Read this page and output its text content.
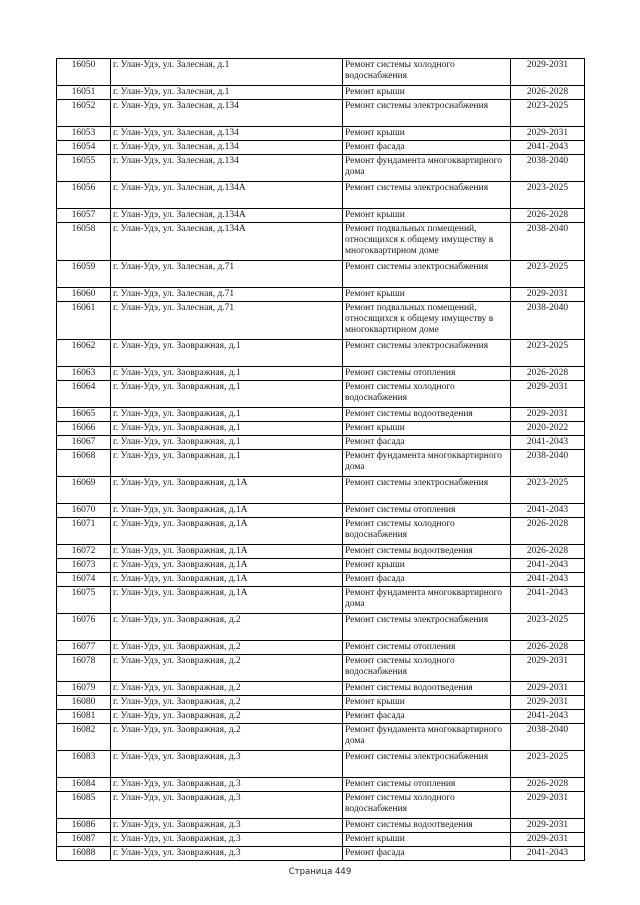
16050	г. Улан-Удэ, ул. Залесная, д.1	Ремонт системы холодного водоснабжения	2029-2031
16051	г. Улан-Удэ, ул. Залесная, д.1	Ремонт крыши	2026-2028
16052	г. Улан-Удэ, ул. Залесная, д.134	Ремонт системы электроснабжения	2023-2025
16053	г. Улан-Удэ, ул. Залесная, д.134	Ремонт крыши	2029-2031
16054	г. Улан-Удэ, ул. Залесная, д.134	Ремонт фасада	2041-2043
16055	г. Улан-Удэ, ул. Залесная, д.134	Ремонт фундамента многоквартирного дома	2038-2040
16056	г. Улан-Удэ, ул. Залесная, д.134А	Ремонт системы электроснабжения	2023-2025
16057	г. Улан-Удэ, ул. Залесная, д.134А	Ремонт крыши	2026-2028
16058	г. Улан-Удэ, ул. Залесная, д.134А	Ремонт подвальных помещений, относящихся к общему имуществу в многоквартирном доме	2038-2040
16059	г. Улан-Удэ, ул. Залесная, д.71	Ремонт системы электроснабжения	2023-2025
16060	г. Улан-Удэ, ул. Залесная, д.71	Ремонт крыши	2029-2031
16061	г. Улан-Удэ, ул. Залесная, д.71	Ремонт подвальных помещений, относящихся к общему имуществу в многоквартирном доме	2038-2040
16062	г. Улан-Удэ, ул. Заовражная, д.1	Ремонт системы электроснабжения	2023-2025
16063	г. Улан-Удэ, ул. Заовражная, д.1	Ремонт системы отопления	2026-2028
16064	г. Улан-Удэ, ул. Заовражная, д.1	Ремонт системы холодного водоснабжения	2029-2031
16065	г. Улан-Удэ, ул. Заовражная, д.1	Ремонт системы водоотведения	2029-2031
16066	г. Улан-Удэ, ул. Заовражная, д.1	Ремонт крыши	2020-2022
16067	г. Улан-Удэ, ул. Заовражная, д.1	Ремонт фасада	2041-2043
16068	г. Улан-Удэ, ул. Заовражная, д.1	Ремонт фундамента многоквартирного дома	2038-2040
16069	г. Улан-Удэ, ул. Заовражная, д.1А	Ремонт системы электроснабжения	2023-2025
16070	г. Улан-Удэ, ул. Заовражная, д.1А	Ремонт системы отопления	2041-2043
16071	г. Улан-Удэ, ул. Заовражная, д.1А	Ремонт системы холодного водоснабжения	2026-2028
16072	г. Улан-Удэ, ул. Заовражная, д.1А	Ремонт системы водоотведения	2026-2028
16073	г. Улан-Удэ, ул. Заовражная, д.1А	Ремонт крыши	2041-2043
16074	г. Улан-Удэ, ул. Заовражная, д.1А	Ремонт фасада	2041-2043
16075	г. Улан-Удэ, ул. Заовражная, д.1А	Ремонт фундамента многоквартирного дома	2041-2043
16076	г. Улан-Удэ, ул. Заовражная, д.2	Ремонт системы электроснабжения	2023-2025
16077	г. Улан-Удэ, ул. Заовражная, д.2	Ремонт системы отопления	2026-2028
16078	г. Улан-Удэ, ул. Заовражная, д.2	Ремонт системы холодного водоснабжения	2029-2031
16079	г. Улан-Удэ, ул. Заовражная, д.2	Ремонт системы водоотведения	2029-2031
16080	г. Улан-Удэ, ул. Заовражная, д.2	Ремонт крыши	2029-2031
16081	г. Улан-Удэ, ул. Заовражная, д.2	Ремонт фасада	2041-2043
16082	г. Улан-Удэ, ул. Заовражная, д.2	Ремонт фундамента многоквартирного дома	2038-2040
16083	г. Улан-Удэ, ул. Заовражная, д.3	Ремонт системы электроснабжения	2023-2025
16084	г. Улан-Удэ, ул. Заовражная, д.3	Ремонт системы отопления	2026-2028
16085	г. Улан-Удэ, ул. Заовражная, д.3	Ремонт системы холодного водоснабжения	2029-2031
16086	г. Улан-Удэ, ул. Заовражная, д.3	Ремонт системы водоотведения	2029-2031
16087	г. Улан-Удэ, ул. Заовражная, д.3	Ремонт крыши	2029-2031
16088	г. Улан-Удэ, ул. Заовражная, д.3	Ремонт фасада	2041-2043
Страница 449
